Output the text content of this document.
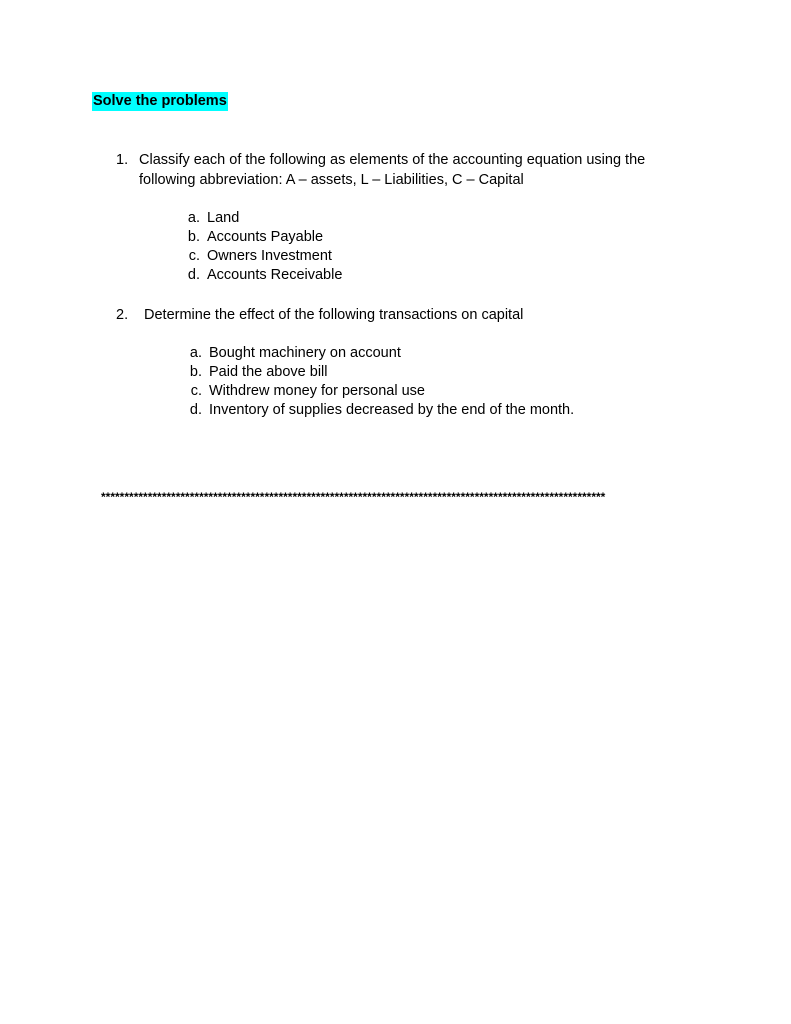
Solve the problems
1. Classify each of the following as elements of the accounting equation using the
following abbreviation: A – assets, L – Liabilities, C – Capital
a. Land
b. Accounts Payable
c. Owners Investment
d. Accounts Receivable
2. Determine the effect of the following transactions on capital
a. Bought machinery on account
b. Paid the above bill
c. Withdrew money for personal use
d. Inventory of supplies decreased by the end of the month.
************************************************************************************************************
